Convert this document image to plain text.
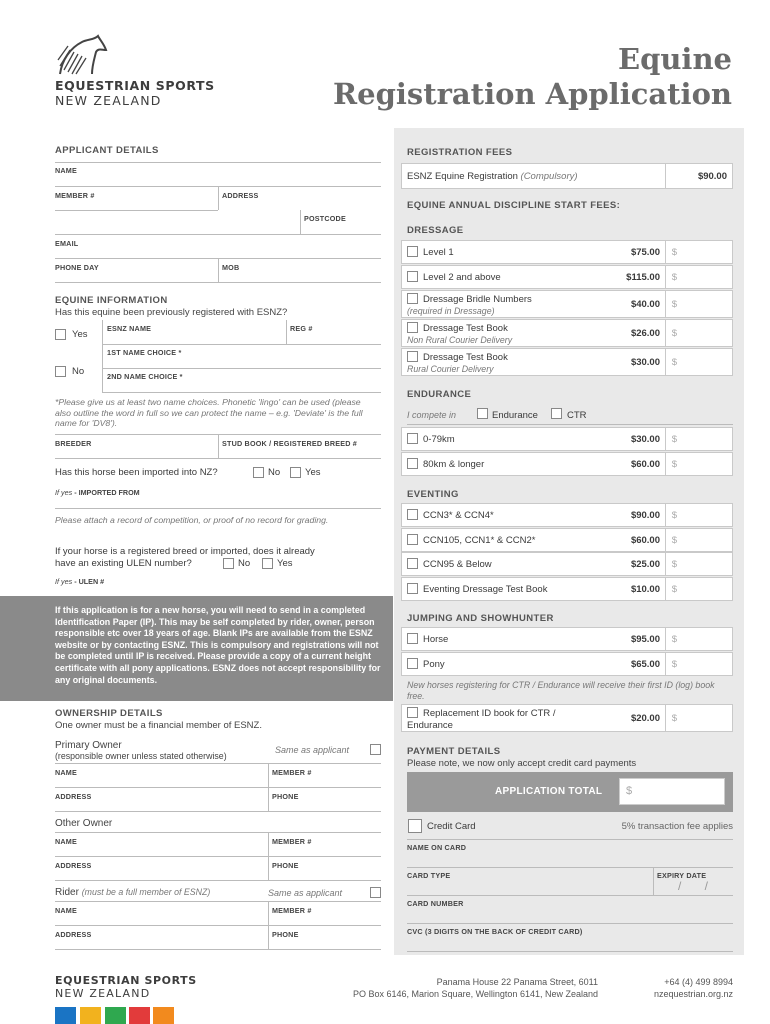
EQUESTRIAN SPORTS
NEW ZEALAND
Equine
Registration Application
APPLICANT DETAILS
NAME
MEMBER #	ADDRESS
POSTCODE
EMAIL
PHONE DAY	MOB
EQUINE INFORMATION
Has this equine been previously registered with ESNZ?
Yes
No
ESNZ NAME	REG #
1ST NAME CHOICE *
2ND NAME CHOICE *
*Please give us at least two name choices. Phonetic 'lingo' can be used (please also outline the word in full so we can protect the name – e.g. 'Deviate' is the full name for 'DV8').
BREEDER	STUD BOOK / REGISTERED BREED #
Has this horse been imported into NZ?	No	Yes
If yes - IMPORTED FROM
Please attach a record of competition, or proof of no record for grading.
If your horse is a registered breed or imported, does it already
have an existing ULEN number?	No	Yes
If yes - ULEN #

If this application is for a new horse, you will need to send in a completed Identification Paper (IP). This may be self completed by rider, owner, person responsible etc over 18 years of age. Blank IPs are available from the ESNZ website or by contacting ESNZ. This is compulsory and registrations will not be completed until IP is received. Please provide a copy of a current height certificate with all pony applications. ESNZ does not accept responsibility for any original documents.

OWNERSHIP DETAILS
One owner must be a financial member of ESNZ.
Primary Owner
(responsible owner unless stated otherwise)
Same as applicant
NAME	MEMBER #
ADDRESS	PHONE
Other Owner
NAME	MEMBER #
ADDRESS	PHONE
Rider (must be a full member of ESNZ)	Same as applicant
NAME	MEMBER #
ADDRESS	PHONE
REGISTRATION FEES
ESNZ Equine Registration (Compulsory)	$90.00
EQUINE ANNUAL DISCIPLINE START FEES:
DRESSAGE
Level 1	$75.00 $
Level 2 and above	$115.00 $
Dressage Bridle Numbers
(required in Dressage)
$40.00 $
Dressage Test Book
Non Rural Courier Delivery
$26.00 $
Dressage Test Book
Rural Courier Delivery
$30.00 $
ENDURANCE
I compete in	Endurance	CTR
0-79km	$30.00 $
80km & longer	$60.00 $
EVENTING
CCN3* & CCN4*	$90.00 $
CCN105, CCN1* & CCN2*	$60.00 $
CCN95 & Below	$25.00 $
Eventing Dressage Test Book	$10.00 $
JUMPING AND SHOWHUNTER
Horse	$95.00 $
Pony	$65.00 $
New horses registering for CTR / Endurance will receive their first ID (log) book free.
Replacement ID book for CTR /
Endurance
$20.00 $
PAYMENT DETAILS
Please note, we now only accept credit card payments
APPLICATION TOTAL $
Credit Card	5% transaction fee applies
NAME ON CARD
CARD TYPE	EXPIRY DATE
/       /
CARD NUMBER
CVC (3 DIGITS ON THE BACK OF CREDIT CARD)
EQUESTRIAN SPORTS
NEW ZEALAND
Panama House 22 Panama Street, 6011
PO Box 6146, Marion Square, Wellington 6141, New Zealand
+64 (4) 499 8994
nzequestrian.org.nz
